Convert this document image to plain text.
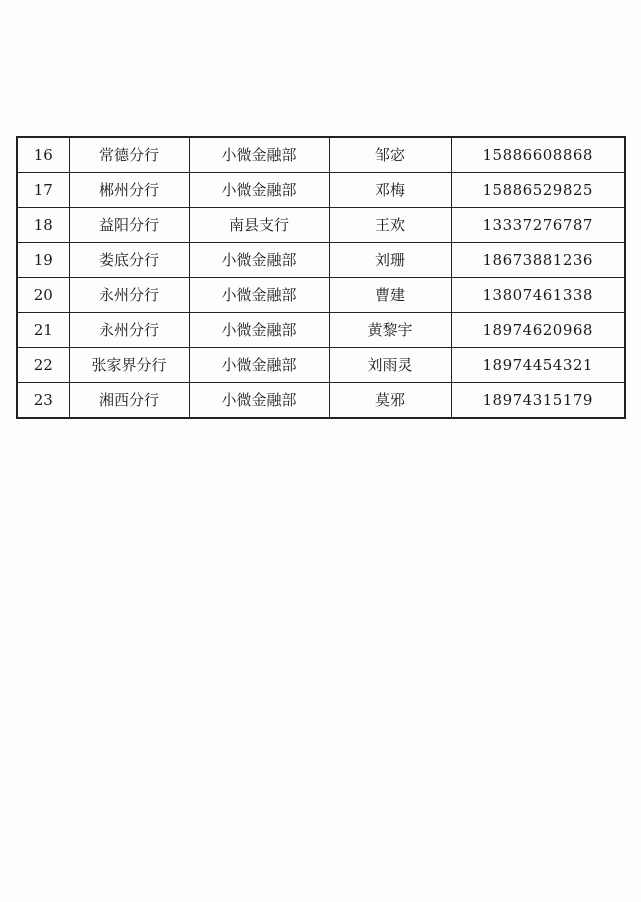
16	常德分行	小微金融部	邹宓	15886608868
17	郴州分行	小微金融部	邓梅	15886529825
18	益阳分行	南县支行	王欢	13337276787
19	娄底分行	小微金融部	刘珊	18673881236
20	永州分行	小微金融部	曹建	13807461338
21	永州分行	小微金融部	黄黎宇	18974620968
22	张家界分行	小微金融部	刘雨灵	18974454321
23	湘西分行	小微金融部	莫邪	18974315179
